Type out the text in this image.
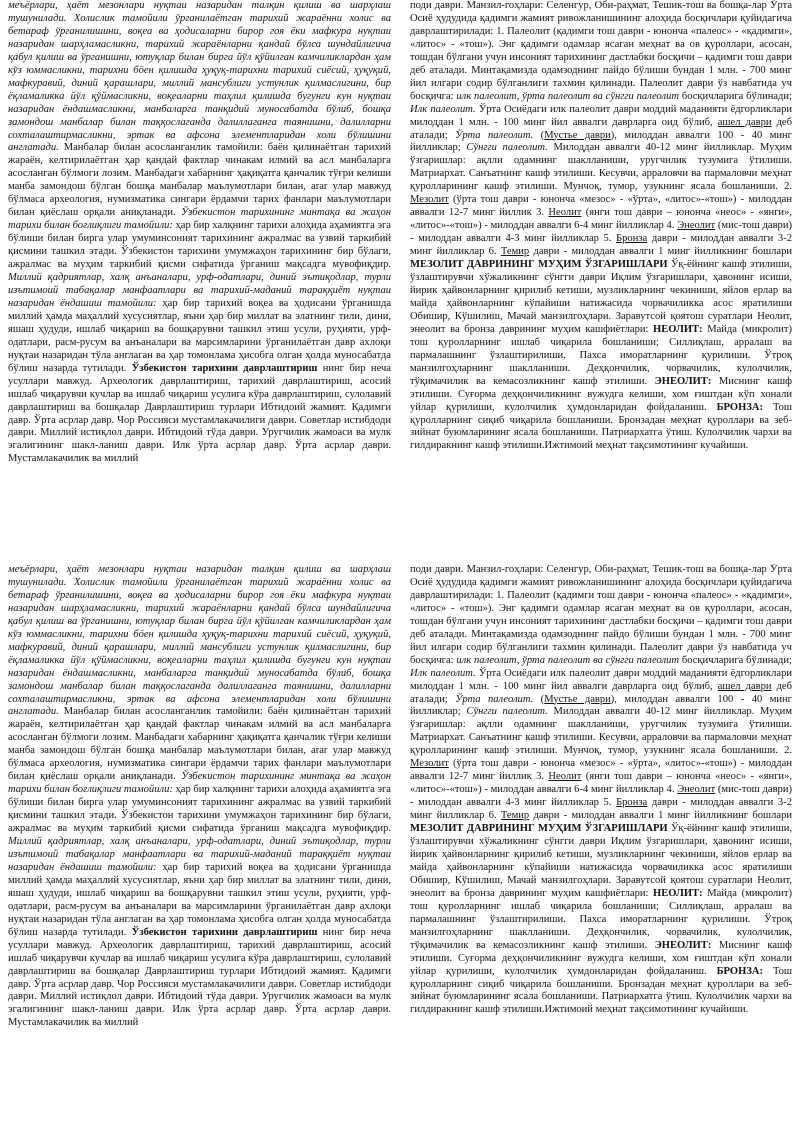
меъёрлари, ҳаёт мезонлари нуқтаи назаридан талқин қилиш ва шарҳлаш тушунилади. Холислик тамойили ўрганилаётган тарихий жараённи холис ва бетараф ўрганилишини, воқеа ва ҳодисаларни бирор гоя ёки мафкура нуқтаи назаридан шарҳламасликни, тарихий жараёнларни қандай бўлса шундайлигича қабул қилиш ва ўрганишни, ютуқлар билан бирга йўл қўйилган камчиликлардан ҳам кўз юммасликни, тарихни бöен қилишда ҳуқуқ-тарихни тарихий сиёсий, ҳуқуқий, мафкуравий, диний қарашлари, миллий мансублиги устунлик қилмаслигини, бир ёқламаликка йўл қўймасликни, воқеаларни таҳлил қилишда бугунги кун нуқтаи назаридан ёндашмасликни, манбаларга танқидий муносабатда бўлиб, бошқа замондош манбалар билан таққослаганда далиллаганга таянишни, далилларни сохталаштирмасликни, эртак ва афсона элементларидан холи бўлишини англатади. Манбалар билан асосланганлик тамойили: баён қилинаётган тарихий жараён, келтирилаётган ҳар қандай фактлар чинакам илмий ва асл манбаларга асосланган бўлмоги лозим. Манбадаги хабарнинг ҳақиқатга қанчалик тўғри келиши манба замондош бўлган бошқа манбалар маълумотлари билан, аrar улар мавжуд бўлмаса археология, нумизматика сингари ёрдамчи тарих фанлари маълумотлари билан қиёслаш орқали аниқланади. Ўзбекистон тарихининг минтақа ва жаҳон тарихи билан боғлиқлиги тамойили: ҳар бир халқнинг тарихи алоҳида аҳамиятга эга бўлиши билан бирга улар умуминсоният тарихининг ажралмас ва узвий таркибий қисмини ташкил этади. Ўзбекистон тарихини умумжаҳон тарихининг бир бўлаги, ажралмас ва муҳим таркибий қисми сифатида ўрганиш мақсадга мувофиқдир. Миллий қадриятлар, халқ анъаналари, урф-одатлари, диний эътиқодлар, турли изътимоий табақалар манфаатлари ва тарихий-маданий тараққиёт нуқтаи назаридан ёндашиш тамойили: ҳар бир тарихий воқеа ва ҳодисани ўрганишда миллий ҳамда маҳаллий хусусиятлар, яъни ҳар бир миллат ва элатнинг тили, дини, яшаш ҳудуди, ишлаб чиқариш ва бошқарувни ташкил этиш усули, руҳияти, урф-одатлари, расм-русум ва анъаналари ва марсимларини ўрганилаётган давр ахлоқи нуқтаи назаридан тўла англаган ва ҳар томонлама ҳисобга олган ҳолда муносабатда бўлиш назарда тутилади. Ўзбекистон тарихини даврлаштириш нинг бир неча усуллари мавжуд. Археологик даврлаштириш, тарихий даврлаштириш, асосий ишлаб чиқарувчи кучлар ва ишлаб чиқариш усулига кўра даврлаштириш, сулолавий даврлаштириш ва бошқалар Даврлаштириш турлари Ибтидоий жамият. Қадимги давр. Ўрта асрлар давр. Чор Россияси мустамлакачилиги даври. Советлар истибдоди даври. Миллий истиқлол даври. Ибтидоий тўда даври. Уругчилик жамоаси ва мулк эгалигининг шакл-ланиш даври. Илк ўрта асрлар давр. Ўрта асрлар даври. Мустамлакачилик ва миллий

поди даври. Манзил-гоҳлари: Селенгур, Оби-раҳмат, Тешик-тош ва бошқа-лар Ўрта Осиё ҳудудида қадимги жамият ривожланишининг алоҳида босқичлари қуйидагича даврлаштирилади: 1. Палеолит (қадимги тош даври - юнонча «палеос» - «қадимги», «литос» - «тош»). Энг қадимги одамлар ясаган меҳнат вa ов қуроллари, асосан, тошдан бўлгани учун инсоният тарихининг дастлабки босқичи – қадимги тош даври деб аталади. Минтақамизда одамзоднинг пайдо бўлиши бундан 1 млн. - 700 минг йил илгари содир бўлганлиги тахмин қилинади. Палеолит даври ўз навбатида уч босқичга: илк палеолит, ўрта палеолит ва сўнгги палеолит босқичларига бўлинади; Илк палеолит. Ўрта Осиёдаги илк палеолит даври моддий маданияти ёдгорликлари милоддан 1 млн. - 100 минг йил аввалги даврларга оид бўлиб, ашел даври деб аталади; Ўрта палеолит. (Мустье даври), милоддан аввалги 100 - 40 минг йилликлар; Сўнгги палеолит. Милоддан аввалги 40-12 минг йилликлар. Муҳим ўзгаришлар: ақлли одамнинг шаклланиши, уругчилик тузумига ўтилиши. Матриархат. Санъатнинг кашф этилиши. Кесувчи, арраловчи ва пармаловчи меҳнат қуролларининг кашф этилиши. Мунчоқ, тумор, узукнинг ясала бошланиши. 2. Мезолит (ўрта тош даври - юнонча «мезос» - «ўрта», «литос»-«тош») - милоддан аввалги 12-7 минг йиллик 3. Неолит (янги тош даври – юнонча «неос» - «янги», «литос»-«тош») - милоддан аввалги 6-4 минг йилликлар 4. Энеолит (мис-тош даври) - милоддан аввалги 4-3 минг йилликлар 5. Бронза даври - милоддан аввалги 3-2 минг йилликлар 6. Темир даври - милоддан аввалги 1 минг йилликнинг бошлари МЕЗОЛИТ ДАВРИНИНГ МУҲИМ ЎЗГАРИШЛАРИ Ўқ-ёйнинг кашф этилиши, ўзлаштирувчи хўжаликнинг сўнгги даври Иқлим ўзгаришлари, ҳавонинг исиши, йирик ҳайвонларнинг қирилиб кетиши, музликларнинг чекиниши, яйлов ерлар ва майда ҳайвонларнинг кўпайиши натижасида чорвачиликка асос яратилиши Обишир, Кўшилиш, Мачай манзилгоҳлари. Заравутсой қоятош суратлари Неолит, энеолит ва бронза даврининг муҳим кашфиётлари: НЕОЛИТ: Майда (микролит) тош қуролларнинг ишлаб чиқарила бошланиши; Силлиқлаш, арралаш ва пармалашнинг ўзлаштирилиши. Пахса иморатларнинг қурилиши. Ўтроқ манзилгоҳларнинг шаклланиши. Деҳқончилик, чорвачилик, кулолчилик, тўқимачилик ва кемасозликнинг кашф этилиши. ЭНЕОЛИТ: Миснинг кашф этилиши. Суғорма деҳқончиликнинг вужудга келиши, хом ғиштдан кўп хонали уйлар қурилиши, кулолчилик ҳумдонларидан фойдаланиш. БРОНЗА: Тош қуролларнинг сиқиб чиқарила бошланиши. Бронзадан меҳнат қуроллари ва зеб-зийнат буюмларининг ясала бошланиши. Патриархатга ўтиш. Кулолчилик чархи ва гилдиракнинг кашф этилиши.Ижтимоий меҳнат тақсимотининг кучайиши.

меъёрлари, ҳаёт мезонлари нуқтаи назаридан талқин қилиш ва шарҳлаш тушунилади. Холислик тамойили ўрганилаётган тарихий жараённи холис ва бетараф ўрганилишини, воқеа ва ҳодисаларни бирор гоя ёки мафкура нуқтаи назаридан шарҳламасликни, тарихий жараёнларни қандай бўлса шундайлигича қабул қилиш ва ўрганишни, ютуқлар билан бирга йўл қўйилган камчиликлардан ҳам кўз юммасликни, тарихни бöен қилишда ҳуқуқ-тарихни тарихий сиёсий, ҳуқуқий, мафкуравий, диний қарашлари, миллий мансублиги устунлик қилмаслигини, бир ёқламаликка йўл қўймасликни, воқеаларни таҳлил қилишда бугунги кун нуқтаи назаридан ёндашмасликни, манбаларга танқидий муносабатда бўлиб, бошқа замондош манбалар билан таққослаганда далиллаганга таянишни, далилларни сохталаштирмасликни, эртак ва афсона элементларидан холи бўлишини англатади. Манбалар билан асосланганлик тамойили: баён қилинаётган тарихий жараён, келтирилаётган ҳар қандай фактлар чинакам илмий ва асл манбаларга асосланган бўлмоги лозим. Манбадаги хабарнинг ҳақиқатга қанчалик тўғри келиши манба замондош бўлган бошқа манбалар маълумотлари билан, аrar улар мавжуд бўлмаса археология, нумизматика сингари ёрдамчи тарих фанлари маълумотлари билан қиёслаш орқали аниқланади. Ўзбекистон тарихининг минтақа ва жаҳон тарихи билан боғлиқлиги тамойили: ҳар бир халқнинг тарихи алоҳида аҳамиятга эга бўлиши билан бирга улар умуминсоният тарихининг ажралмас ва узвий таркибий қисмини ташкил этади. Ўзбекистон тарихини умумжаҳон тарихининг бир бўлаги, ажралмас ва муҳим таркибий қисми сифатида ўрганиш мақсадга мувофиқдир. Миллий қадриятлар, халқ анъаналари, урф-одатлари, диний эътиқодлар, турли изътимоий табақалар манфаатлари ва тарихий-маданий тараққиёт нуқтаи назаридан ёндашиш тамойили: ҳар бир тарихий воқеа ва ҳодисани ўрганишда миллий ҳамда маҳаллий хусусиятлар, яъни ҳар бир миллат ва элатнинг тили, дини, яшаш ҳудуди, ишлаб чиқариш ва бошқарувни ташкил этиш усули, руҳияти, урф-одатлари, расм-русум ва анъаналари ва марсимларини ўрганилаётган давр ахлоқи нуқтаи назаридан тўла англаган ва ҳар томонлама ҳисобга олган ҳолда муносабатда бўлиш назарда тутилади. Ўзбекистон тарихини даврлаштириш нинг бир неча усуллари мавжуд. Археологик даврлаштириш, тарихий даврлаштириш, асосий ишлаб чиқарувчи кучлар ва ишлаб чиқариш усулига кўра даврлаштириш, сулолавий даврлаштириш ва бошқалар Даврлаштириш турлари Ибтидоий жамият. Қадимги давр. Ўрта асрлар давр. Чор Россияси мустамлакачилиги даври. Советлар истибдоди даври. Миллий истиқлол даври. Ибтидоий тўда даври. Уругчилик жамоаси ва мулк эгалигининг шакл-ланиш даври. Илк ўрта асрлар давр. Ўрта асрлар даври. Мустамлакачилик ва миллий

поди даври. Манзил-гоҳлари: Селенгур, Оби-раҳмат, Тешик-тош ва бошқа-лар Ўрта Осиё ҳудудида қадимги жамият ривожланишининг алоҳида босқичлари қуйидагича даврлаштирилади: 1. Палеолит (қадимги тош даври - юнонча «палеос» - «қадимги», «литос» - «тош»). Энг қадимги одамлар ясаган меҳнат вa ов қуроллари, асосан, тошдан бўлгани учун инсоният тарихининг дастлабки босқичи – қадимги тош даври деб аталади. Минтақамизда одамзоднинг пайдо бўлиши бундан 1 млн. - 700 минг йил илгари содир бўлганлиги тахмин қилинади. Палеолит даври ўз навбатида уч босқичга: илк палеолит, ўрта палеолит ва сўнгги палеолит босқичларига бўлинади; Илк палеолит. Ўрта Осиёдаги илк палеолит даври моддий маданияти ёдгорликлари милоддан 1 млн. - 100 минг йил аввалги даврларга оид бўлиб, ашел даври деб аталади; Ўрта палеолит. (Мустье даври), милоддан аввалги 100 - 40 минг йилликлар; Сўнгги палеолит. Милоддан аввалги 40-12 минг йилликлар. Муҳим ўзгаришлар: ақлли одамнинг шаклланиши, уругчилик тузумига ўтилиши. Матриархат. Санъатнинг кашф этилиши. Кесувчи, арраловчи ва пармаловчи меҳнат қуролларининг кашф этилиши. Мунчоқ, тумор, узукнинг ясала бошланиши. 2. Мезолит (ўрта тош даври - юнонча «мезос» - «ўрта», «литос»-«тош») - милоддан аввалги 12-7 минг йиллик 3. Неолит (янги тош даври – юнонча «неос» - «янги», «литос»-«тош») - милоддан аввалги 6-4 минг йилликлар 4. Энеолит (мис-тош даври) - милоддан аввалги 4-3 минг йилликлар 5. Бронза даври - милоддан аввалги 3-2 минг йилликлар 6. Темир даври - милоддан аввалги 1 минг йилликнинг бошлари МЕЗОЛИТ ДАВРИНИНГ МУҲИМ ЎЗГАРИШЛАРИ Ўқ-ёйнинг кашф этилиши, ўзлаштирувчи хўжаликнинг сўнгги даври Иқлим ўзгаришлари, ҳавонинг исиши, йирик ҳайвонларнинг қирилиб кетиши, музликларнинг чекиниши, яйлов ерлар ва майда ҳайвонларнинг кўпайиши натижасида чорвачиликка асос яратилиши Обишир, Кўшилиш, Мачай манзилгоҳлари. Заравутсой қоятош суратлари Неолит, энеолит ва бронза даврининг муҳим кашфиётлари: НЕОЛИТ: Майда (микролит) тош қуролларнинг ишлаб чиқарила бошланиши; Силлиқлаш, арралаш ва пармалашнинг ўзлаштирилиши. Пахса иморатларнинг қурилиши. Ўтроқ манзилгоҳларнинг шаклланиши. Деҳқончилик, чорвачилик, кулолчилик, тўқимачилик ва кемасозликнинг кашф этилиши. ЭНЕОЛИТ: Миснинг кашф этилиши. Суғорма деҳқончиликнинг вужудга келиши, хом ғиштдан кўп хонали уйлар қурилиши, кулолчилик ҳумдонларидан фойдаланиш. БРОНЗА: Тош қуролларнинг сиқиб чиқарила бошланиши. Бронзадан меҳнат қуроллари ва зеб-зийнат буюмларининг ясала бошланиши. Патриархатга ўтиш. Кулолчилик чархи ва гилдиракнинг кашф этилиши.Ижтимоий меҳнат тақсимотининг кучайиши.
